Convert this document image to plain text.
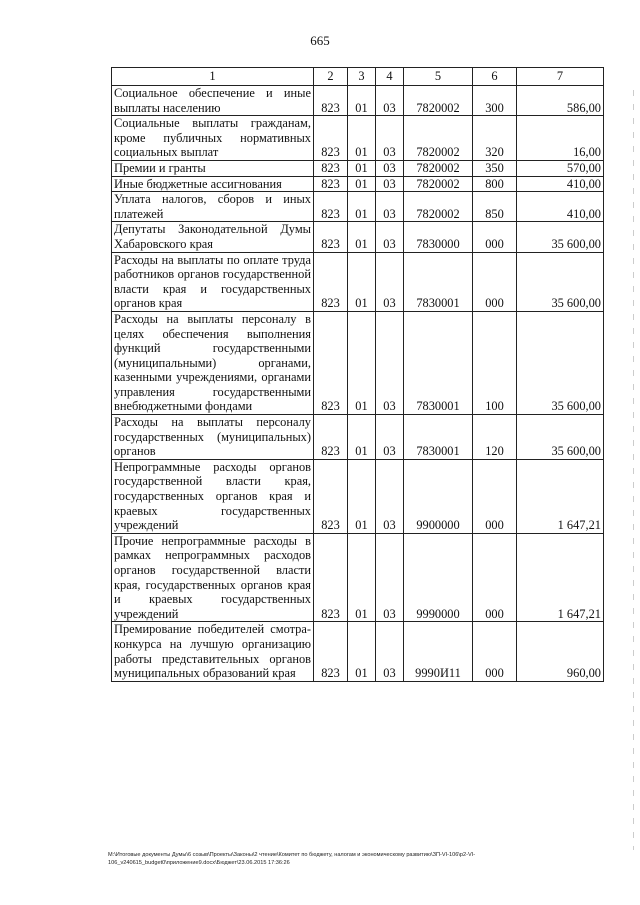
665
1	2	3	4	5	6	7
Социальное обеспечение и иные выплаты населению	823	01	03	7820002	300	586,00
Социальные выплаты гражданам, кроме публичных нормативных социальных выплат	823	01	03	7820002	320	16,00
Премии и гранты	823	01	03	7820002	350	570,00
Иные бюджетные ассигнования	823	01	03	7820002	800	410,00
Уплата налогов, сборов и иных платежей	823	01	03	7820002	850	410,00
Депутаты Законодательной Думы Хабаровского края	823	01	03	7830000	000	35 600,00
Расходы на выплаты по оплате труда работников органов государственной власти края и государственных органов края	823	01	03	7830001	000	35 600,00
Расходы на выплаты персоналу в целях обеспечения выполнения функций государственными (муниципальными) органами, казенными учреждениями, органами управления государственными внебюджетными фондами	823	01	03	7830001	100	35 600,00
Расходы на выплаты персоналу государственных (муниципальных) органов	823	01	03	7830001	120	35 600,00
Непрограммные расходы органов государственной власти края, государственных органов края и краевых государственных учреждений	823	01	03	9900000	000	1 647,21
Прочие непрограммные расходы в рамках непрограммных расходов органов государственной власти края, государственных органов края и краевых государственных учреждений	823	01	03	9990000	000	1 647,21
Премирование победителей смотра-конкурса на лучшую организацию работы представительных органов муниципальных образований края	823	01	03	9990И11	000	960,00
М:\Итоговые документы Думы\6 созыв\Проекты\Законы\2 чтение\Комитет по бюджету, налогам и экономическому развитию\ЗП-VI-106\р2-VI-
106_v240615_budget0\приложение9.docx\Бюджет\23.06.2015 17:36:26
